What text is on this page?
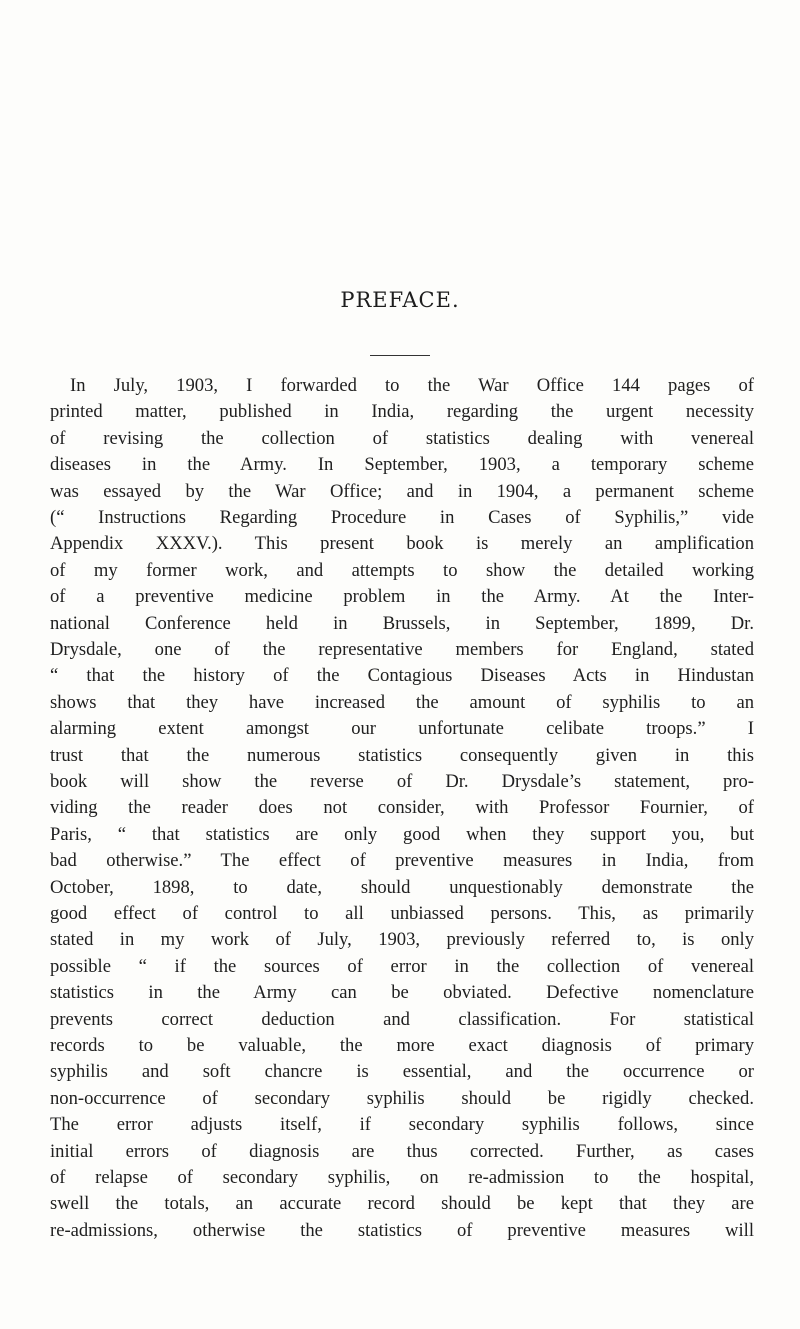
PREFACE.
In July, 1903, I forwarded to the War Office 144 pages of
printed matter, published in India, regarding the urgent necessity
of revising the collection of statistics dealing with venereal
diseases in the Army. In September, 1903, a temporary scheme
was essayed by the War Office; and in 1904, a permanent scheme
(“ Instructions Regarding Procedure in Cases of Syphilis,” vide
Appendix XXXV.). This present book is merely an amplification
of my former work, and attempts to show the detailed working
of a preventive medicine problem in the Army. At the Inter-
national Conference held in Brussels, in September, 1899, Dr.
Drysdale, one of the representative members for England, stated
“ that the history of the Contagious Diseases Acts in Hindustan
shows that they have increased the amount of syphilis to an
alarming extent amongst our unfortunate celibate troops.” I
trust that the numerous statistics consequently given in this
book will show the reverse of Dr. Drysdale’s statement, pro-
viding the reader does not consider, with Professor Fournier, of
Paris, “ that statistics are only good when they support you, but
bad otherwise.” The effect of preventive measures in India, from
October, 1898, to date, should unquestionably demonstrate the
good effect of control to all unbiassed persons. This, as primarily
stated in my work of July, 1903, previously referred to, is only
possible “ if the sources of error in the collection of venereal
statistics in the Army can be obviated. Defective nomenclature
prevents correct deduction and classification. For statistical
records to be valuable, the more exact diagnosis of primary
syphilis and soft chancre is essential, and the occurrence or
non-occurrence of secondary syphilis should be rigidly checked.
The error adjusts itself, if secondary syphilis follows, since
initial errors of diagnosis are thus corrected. Further, as cases
of relapse of secondary syphilis, on re-admission to the hospital,
swell the totals, an accurate record should be kept that they are
re-admissions, otherwise the statistics of preventive measures will
